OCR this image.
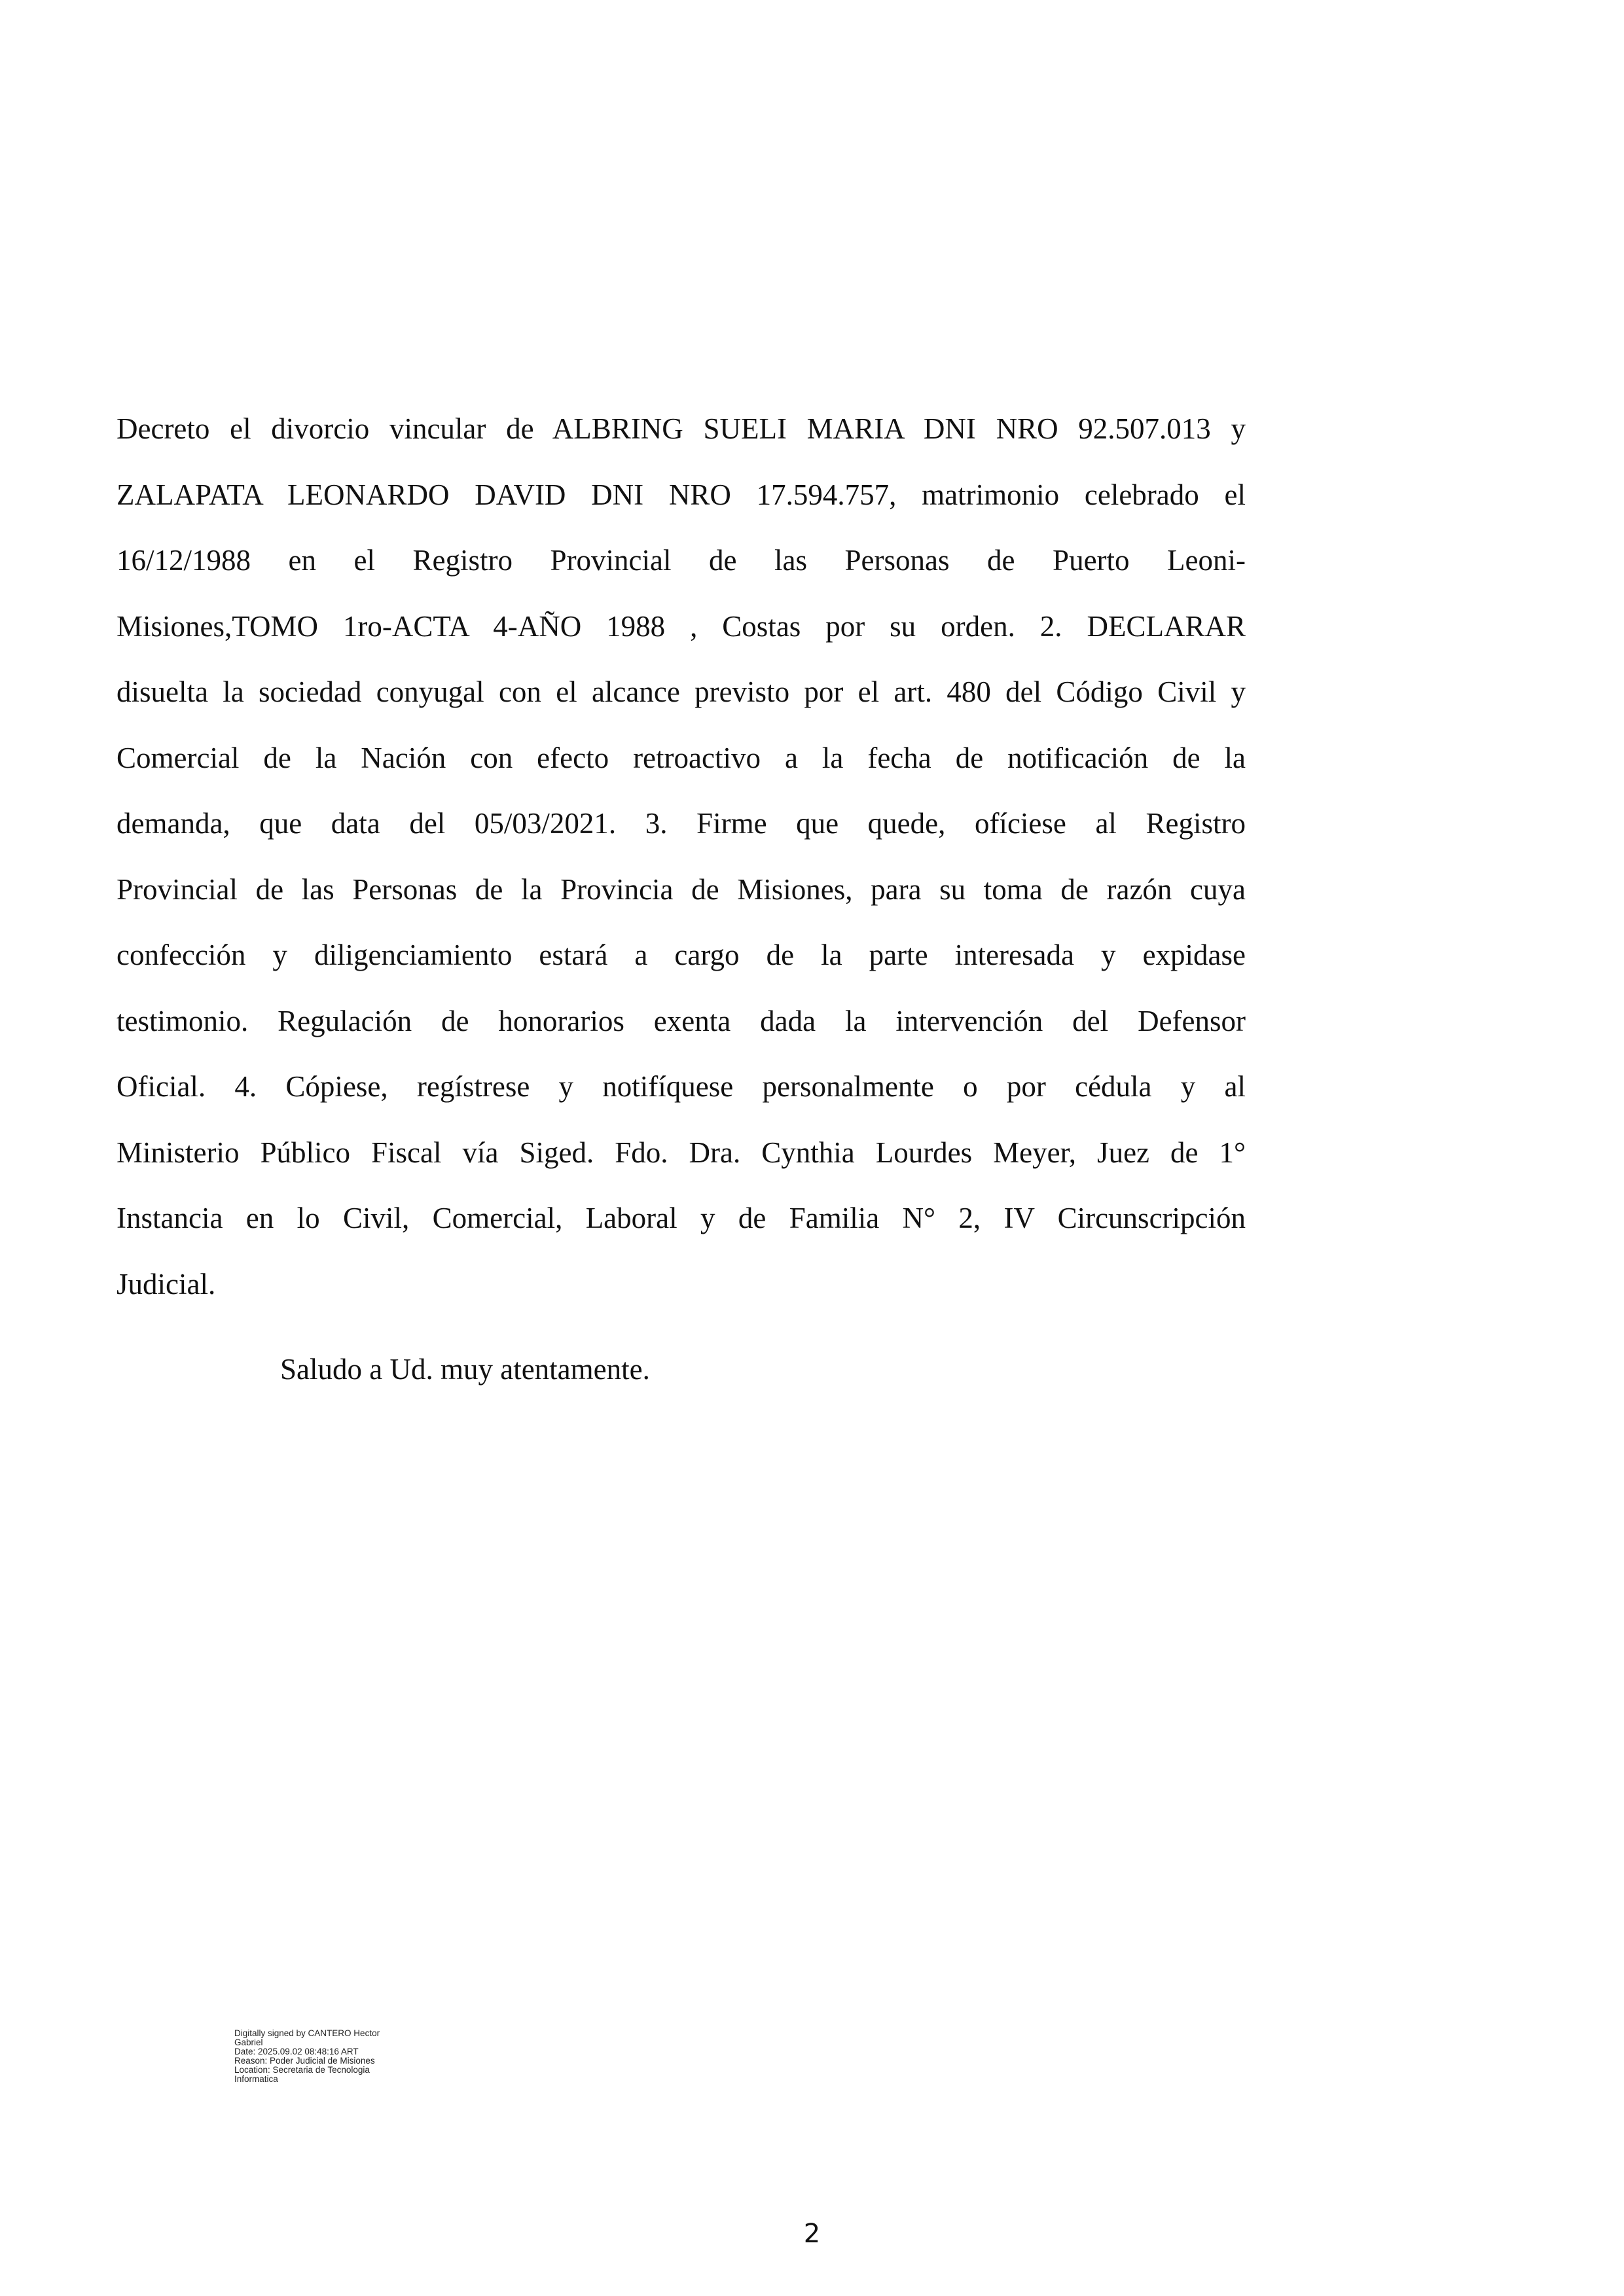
Decreto el divorcio vincular de ALBRING SUELI MARIA DNI NRO 92.507.013 y
ZALAPATA LEONARDO DAVID DNI NRO 17.594.757, matrimonio celebrado el
16/12/1988 en el Registro Provincial de las Personas de Puerto Leoni-
Misiones,TOMO 1ro-ACTA 4-AÑO 1988 , Costas por su orden. 2. DECLARAR
disuelta la sociedad conyugal con el alcance previsto por el art. 480 del Código Civil y
Comercial de la Nación con efecto retroactivo a la fecha de notificación de la
demanda, que data del 05/03/2021. 3. Firme que quede, ofíciese al Registro
Provincial de las Personas de la Provincia de Misiones, para su toma de razón cuya
confección y diligenciamiento estará a cargo de la parte interesada y expidase
testimonio. Regulación de honorarios exenta dada la intervención del Defensor
Oficial. 4. Cópiese, regístrese y notifíquese personalmente o por cédula y al
Ministerio Público Fiscal vía Siged. Fdo. Dra. Cynthia Lourdes Meyer, Juez de 1°
Instancia en lo Civil, Comercial, Laboral y de Familia N° 2, IV Circunscripción
Judicial.

Saludo a Ud. muy atentamente.

Digitally signed by CANTERO Hector
Gabriel
Date: 2025.09.02 08:48:16 ART
Reason: Poder Judicial de Misiones
Location: Secretaria de Tecnologia
Informatica
2
